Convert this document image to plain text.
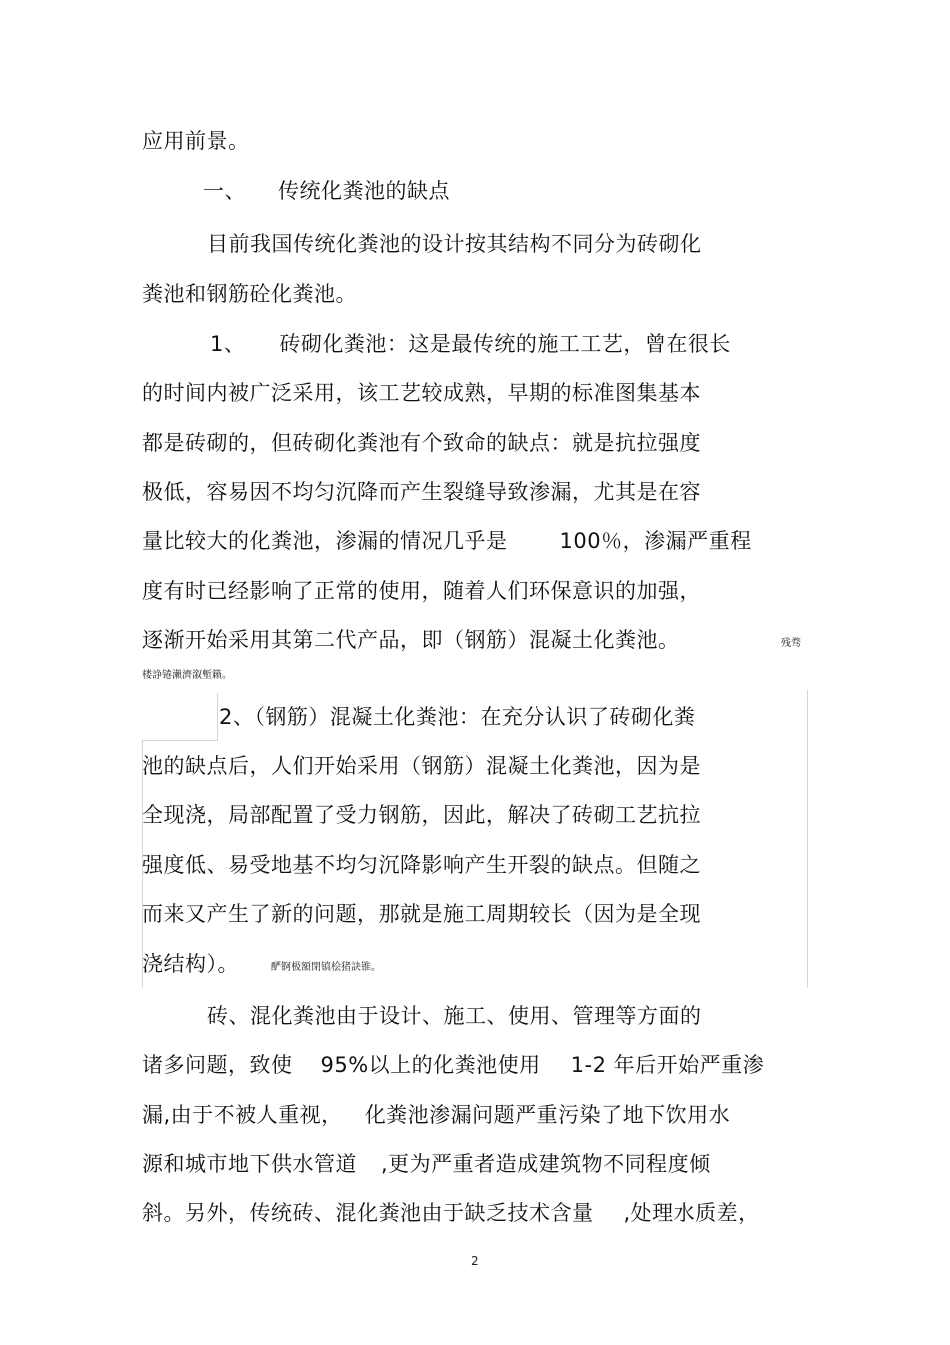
应用前景。
一、 传统化粪池的缺点
目前我国传统化粪池的设计按其结构不同分为砖砌化
粪池和钢筋砼化粪池。
1、 砖砌化粪池：这是最传统的施工工艺，曾在很长
的时间内被广泛采用，该工艺较成熟，早期的标准图集基本
都是砖砌的，但砖砌化粪池有个致命的缺点：就是抗拉强度
极低，容易因不均匀沉降而产生裂缝导致渗漏，尤其是在容
量比较大的化粪池，渗漏的情况几乎是 100％，渗漏严重程
度有时已经影响了正常的使用，随着人们环保意识的加强，
逐渐开始采用其第二代产品，即（钢筋）混凝土化粪池。	残骛
楼諍锩瀨濟溆塹籟。
2、（钢筋）混凝土化粪池：在充分认识了砖砌化粪
池的缺点后，人们开始采用（钢筋）混凝土化粪池，因为是
全现浇，局部配置了受力钢筋，因此，解决了砖砌工艺抗拉
强度低、易受地基不均匀沉降影响产生开裂的缺点。但随之
而来又产生了新的问题，那就是施工周期较长（因为是全现
浇结构）。	酽锕极額閉镇桧猪訣锥。
砖、混化粪池由于设计、施工、使用、管理等方面的
诸多问题，致使 95%以上的化粪池使用 1-2 年后开始严重渗
漏,由于不被人重视， 化粪池渗漏问题严重污染了地下饮用水
源和城市地下供水管道 ,更为严重者造成建筑物不同程度倾
斜。另外，传统砖、混化粪池由于缺乏技术含量 ,处理水质差，
2
